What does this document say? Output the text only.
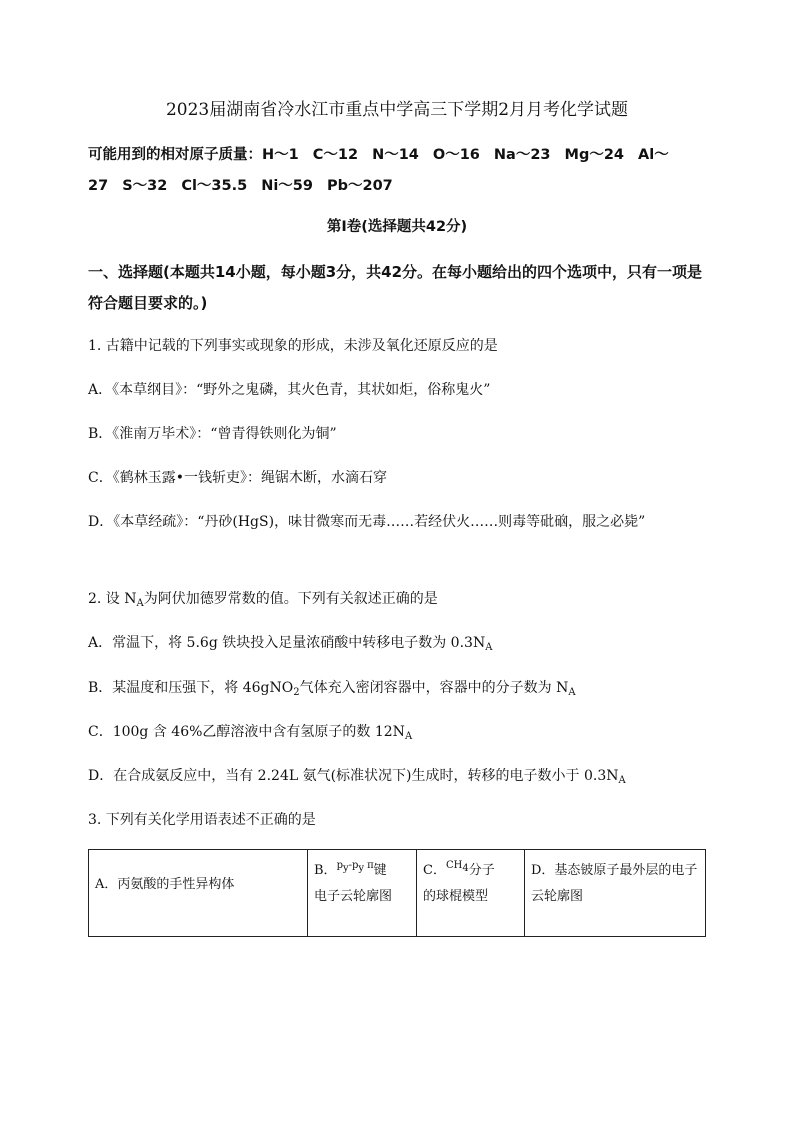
2023届湖南省冷水江市重点中学高三下学期2月月考化学试题
可能用到的相对原子质量：H～1 C～12 N～14 O～16 Na～23 Mg～24 Al～27 S～32 Cl～35.5 Ni～59 Pb～207
第Ⅰ卷(选择题共42分)
一、选择题(本题共14小题，每小题3分，共42分。在每小题给出的四个选项中，只有一项是符合题目要求的。)
1. 古籍中记载的下列事实或现象的形成，未涉及氧化还原反应的是
A．《本草纲目》：“野外之鬼磷，其火色青，其状如炬，俗称鬼火”
B．《淮南万毕术》：“曾青得铁则化为铜”
C．《鹤林玉露•一钱斩吏》：绳锯木断，水滴石穿
D．《本草经疏》：“丹砂(HgS)，味甘微寒而无毒……若经伏火……则毒等砒硇，服之必毙”
2. 设 $N_A$为阿伏加德罗常数的值。下列有关叙述正确的是
A．常温下，将 5.6g 铁块投入足量浓硝酸中转移电子数为 $0.3N_A$
B．某温度和压强下，将 46gNO$_2$气体充入密闭容器中，容器中的分子数为 $N_A$
C．100g 含 46%乙醇溶液中含有氢原子的数 $12N_A$
D．在合成氨反应中，当有 2.24L 氨气(标准状况下)生成时，转移的电子数小于 $0.3N_A$
3. 下列有关化学用语表述不正确的是
A．丙氨酸的手性异构体
B．$^{p_y-p_y \pi}$键
电子云轮廓图
C．$^{CH_4}$分子
的球棍模型
D．基态铍原子最外层的电子云轮廓图
